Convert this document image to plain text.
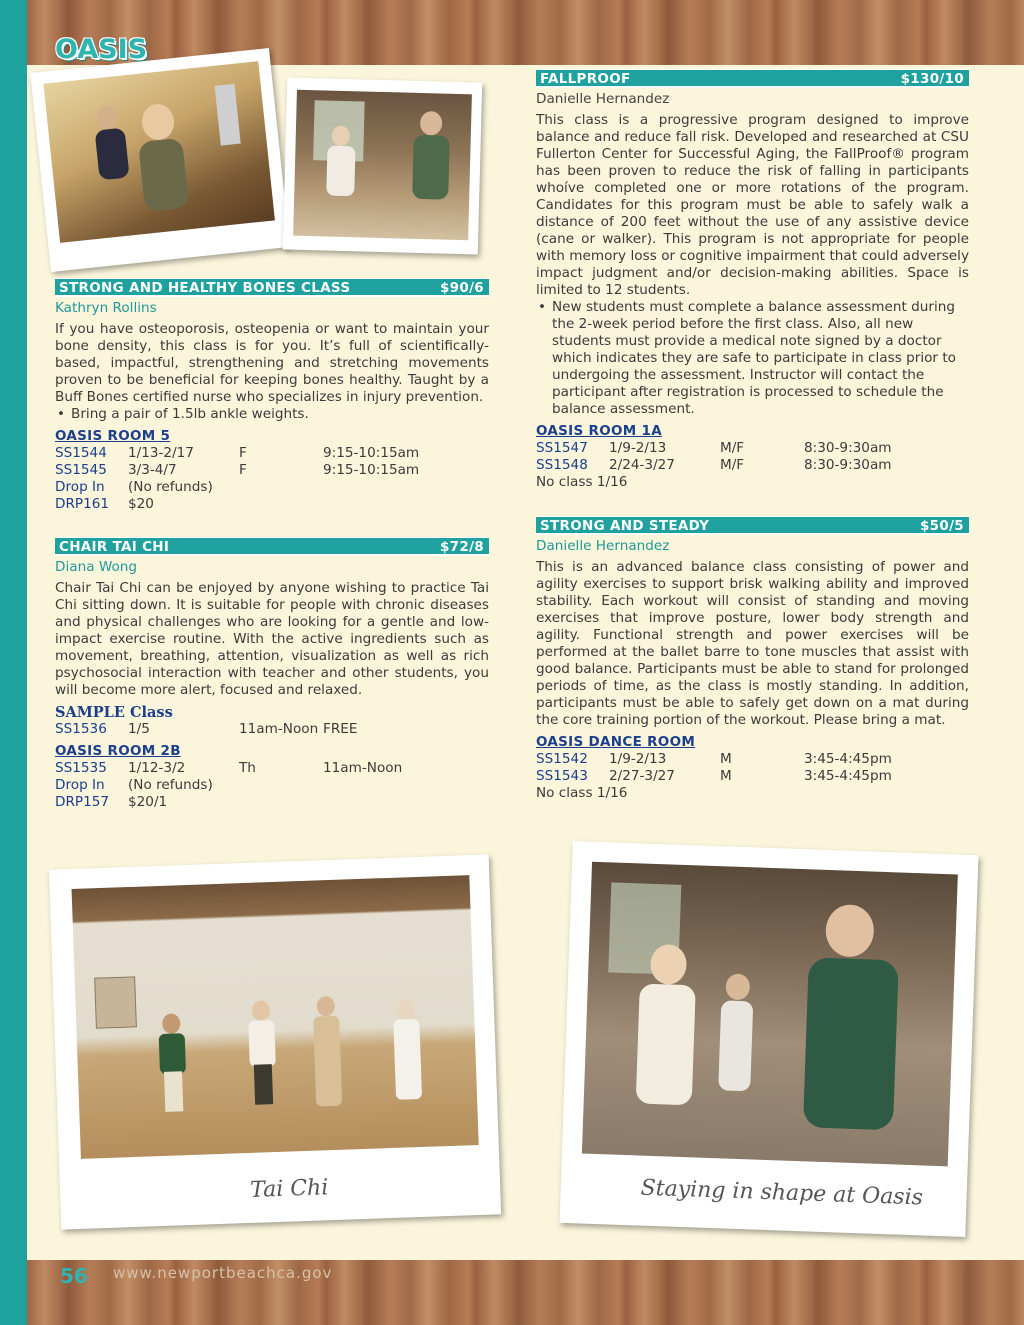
OASIS
STRONG AND HEALTHY BONES CLASS	$90/6
Kathryn Rollins
If you have osteoporosis, osteopenia or want to maintain your bone density, this class is for you. It’s full of scientifically-based, impactful, strengthening and stretching movements proven to be beneficial for keeping bones healthy. Taught by a Buff Bones certified nurse who specializes in injury prevention.
• Bring a pair of 1.5lb ankle weights.
OASIS ROOM 5
SS1544 1/13-2/17	F	9:15-10:15am
SS1545 3/3-4/7	F	9:15-10:15am
Drop In (No refunds)
DRP161 $20
CHAIR TAI CHI	$72/8
Diana Wong
Chair Tai Chi can be enjoyed by anyone wishing to practice Tai Chi sitting down. It is suitable for people with chronic diseases and physical challenges who are looking for a gentle and low-impact exercise routine. With the active ingredients such as movement, breathing, attention, visualization as well as rich psychosocial interaction with teacher and other students, you will become more alert, focused and relaxed.
SAMPLE Class
SS1536 1/5	11am-Noon FREE
OASIS ROOM 2B
SS1535 1/12-3/2	Th	11am-Noon
Drop In (No refunds)
DRP157 $20/1
FALLPROOF	$130/10
Danielle Hernandez
This class is a progressive program designed to improve balance and reduce fall risk. Developed and researched at CSU Fullerton Center for Successful Aging, the FallProof® program has been proven to reduce the risk of falling in participants whoíve completed one or more rotations of the program. Candidates for this program must be able to safely walk a distance of 200 feet without the use of any assistive device (cane or walker). This program is not appropriate for people with memory loss or cognitive impairment that could adversely impact judgment and/or decision-making abilities. Space is limited to 12 students.
• New students must complete a balance assessment during the 2-week period before the first class. Also, all new students must provide a medical note signed by a doctor which indicates they are safe to participate in class prior to undergoing the assessment. Instructor will contact the participant after registration is processed to schedule the balance assessment.
OASIS ROOM 1A
SS1547 1/9-2/13	M/F	8:30-9:30am
SS1548 2/24-3/27	M/F	8:30-9:30am
No class 1/16
STRONG AND STEADY	$50/5
Danielle Hernandez
This is an advanced balance class consisting of power and agility exercises to support brisk walking ability and improved stability. Each workout will consist of standing and moving exercises that improve posture, lower body strength and agility. Functional strength and power exercises will be performed at the ballet barre to tone muscles that assist with good balance. Participants must be able to stand for prolonged periods of time, as the class is mostly standing. In addition, participants must be able to safely get down on a mat during the core training portion of the workout. Please bring a mat.
OASIS DANCE ROOM
SS1542 1/9-2/13	M	3:45-4:45pm
SS1543 2/27-3/27	M	3:45-4:45pm
No class 1/16
Tai Chi	Staying in shape at Oasis
56 www.newportbeachca.gov
